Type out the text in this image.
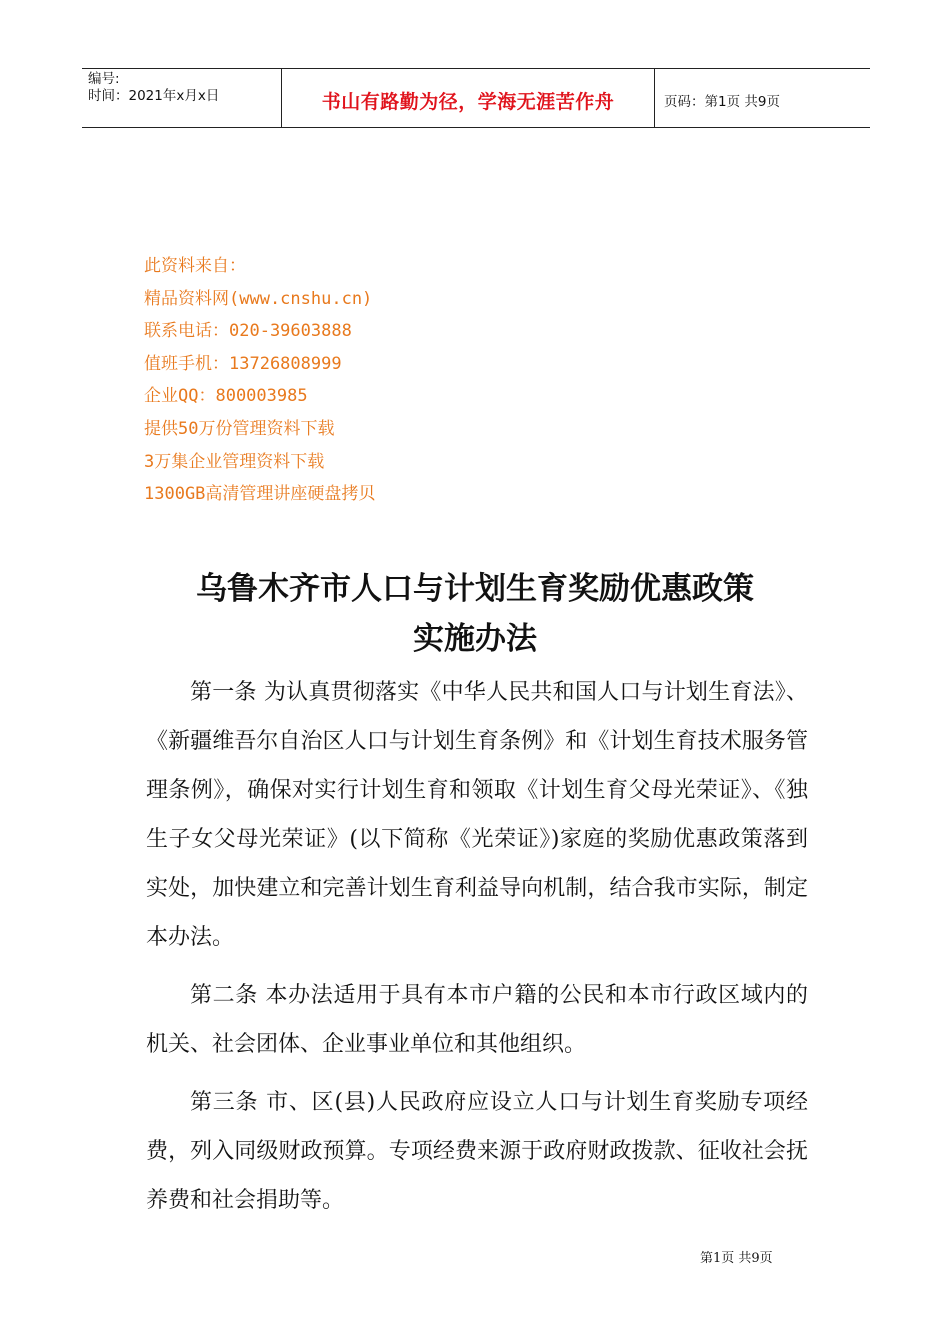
编号:
时间：2021年x月x日	书山有路勤为径，学海无涯苦作舟	页码：第1页 共9页
此资料来自：
精品资料网(www.cnshu.cn)
联系电话：020-39603888
值班手机：13726808999
企业QQ：800003985
提供50万份管理资料下载
3万集企业管理资料下载
1300GB高清管理讲座硬盘拷贝
乌鲁木齐市人口与计划生育奖励优惠政策
实施办法

第一条 为认真贯彻落实《中华人民共和国人口与计划生育法》、《新疆维吾尔自治区人口与计划生育条例》和《计划生育技术服务管理条例》，确保对实行计划生育和领取《计划生育父母光荣证》、《独生子女父母光荣证》(以下简称《光荣证》)家庭的奖励优惠政策落到实处，加快建立和完善计划生育利益导向机制，结合我市实际，制定本办法。

第二条 本办法适用于具有本市户籍的公民和本市行政区域内的机关、社会团体、企业事业单位和其他组织。

第三条 市、区(县)人民政府应设立人口与计划生育奖励专项经费，列入同级财政预算。专项经费来源于政府财政拨款、征收社会抚养费和社会捐助等。

第1页 共9页
